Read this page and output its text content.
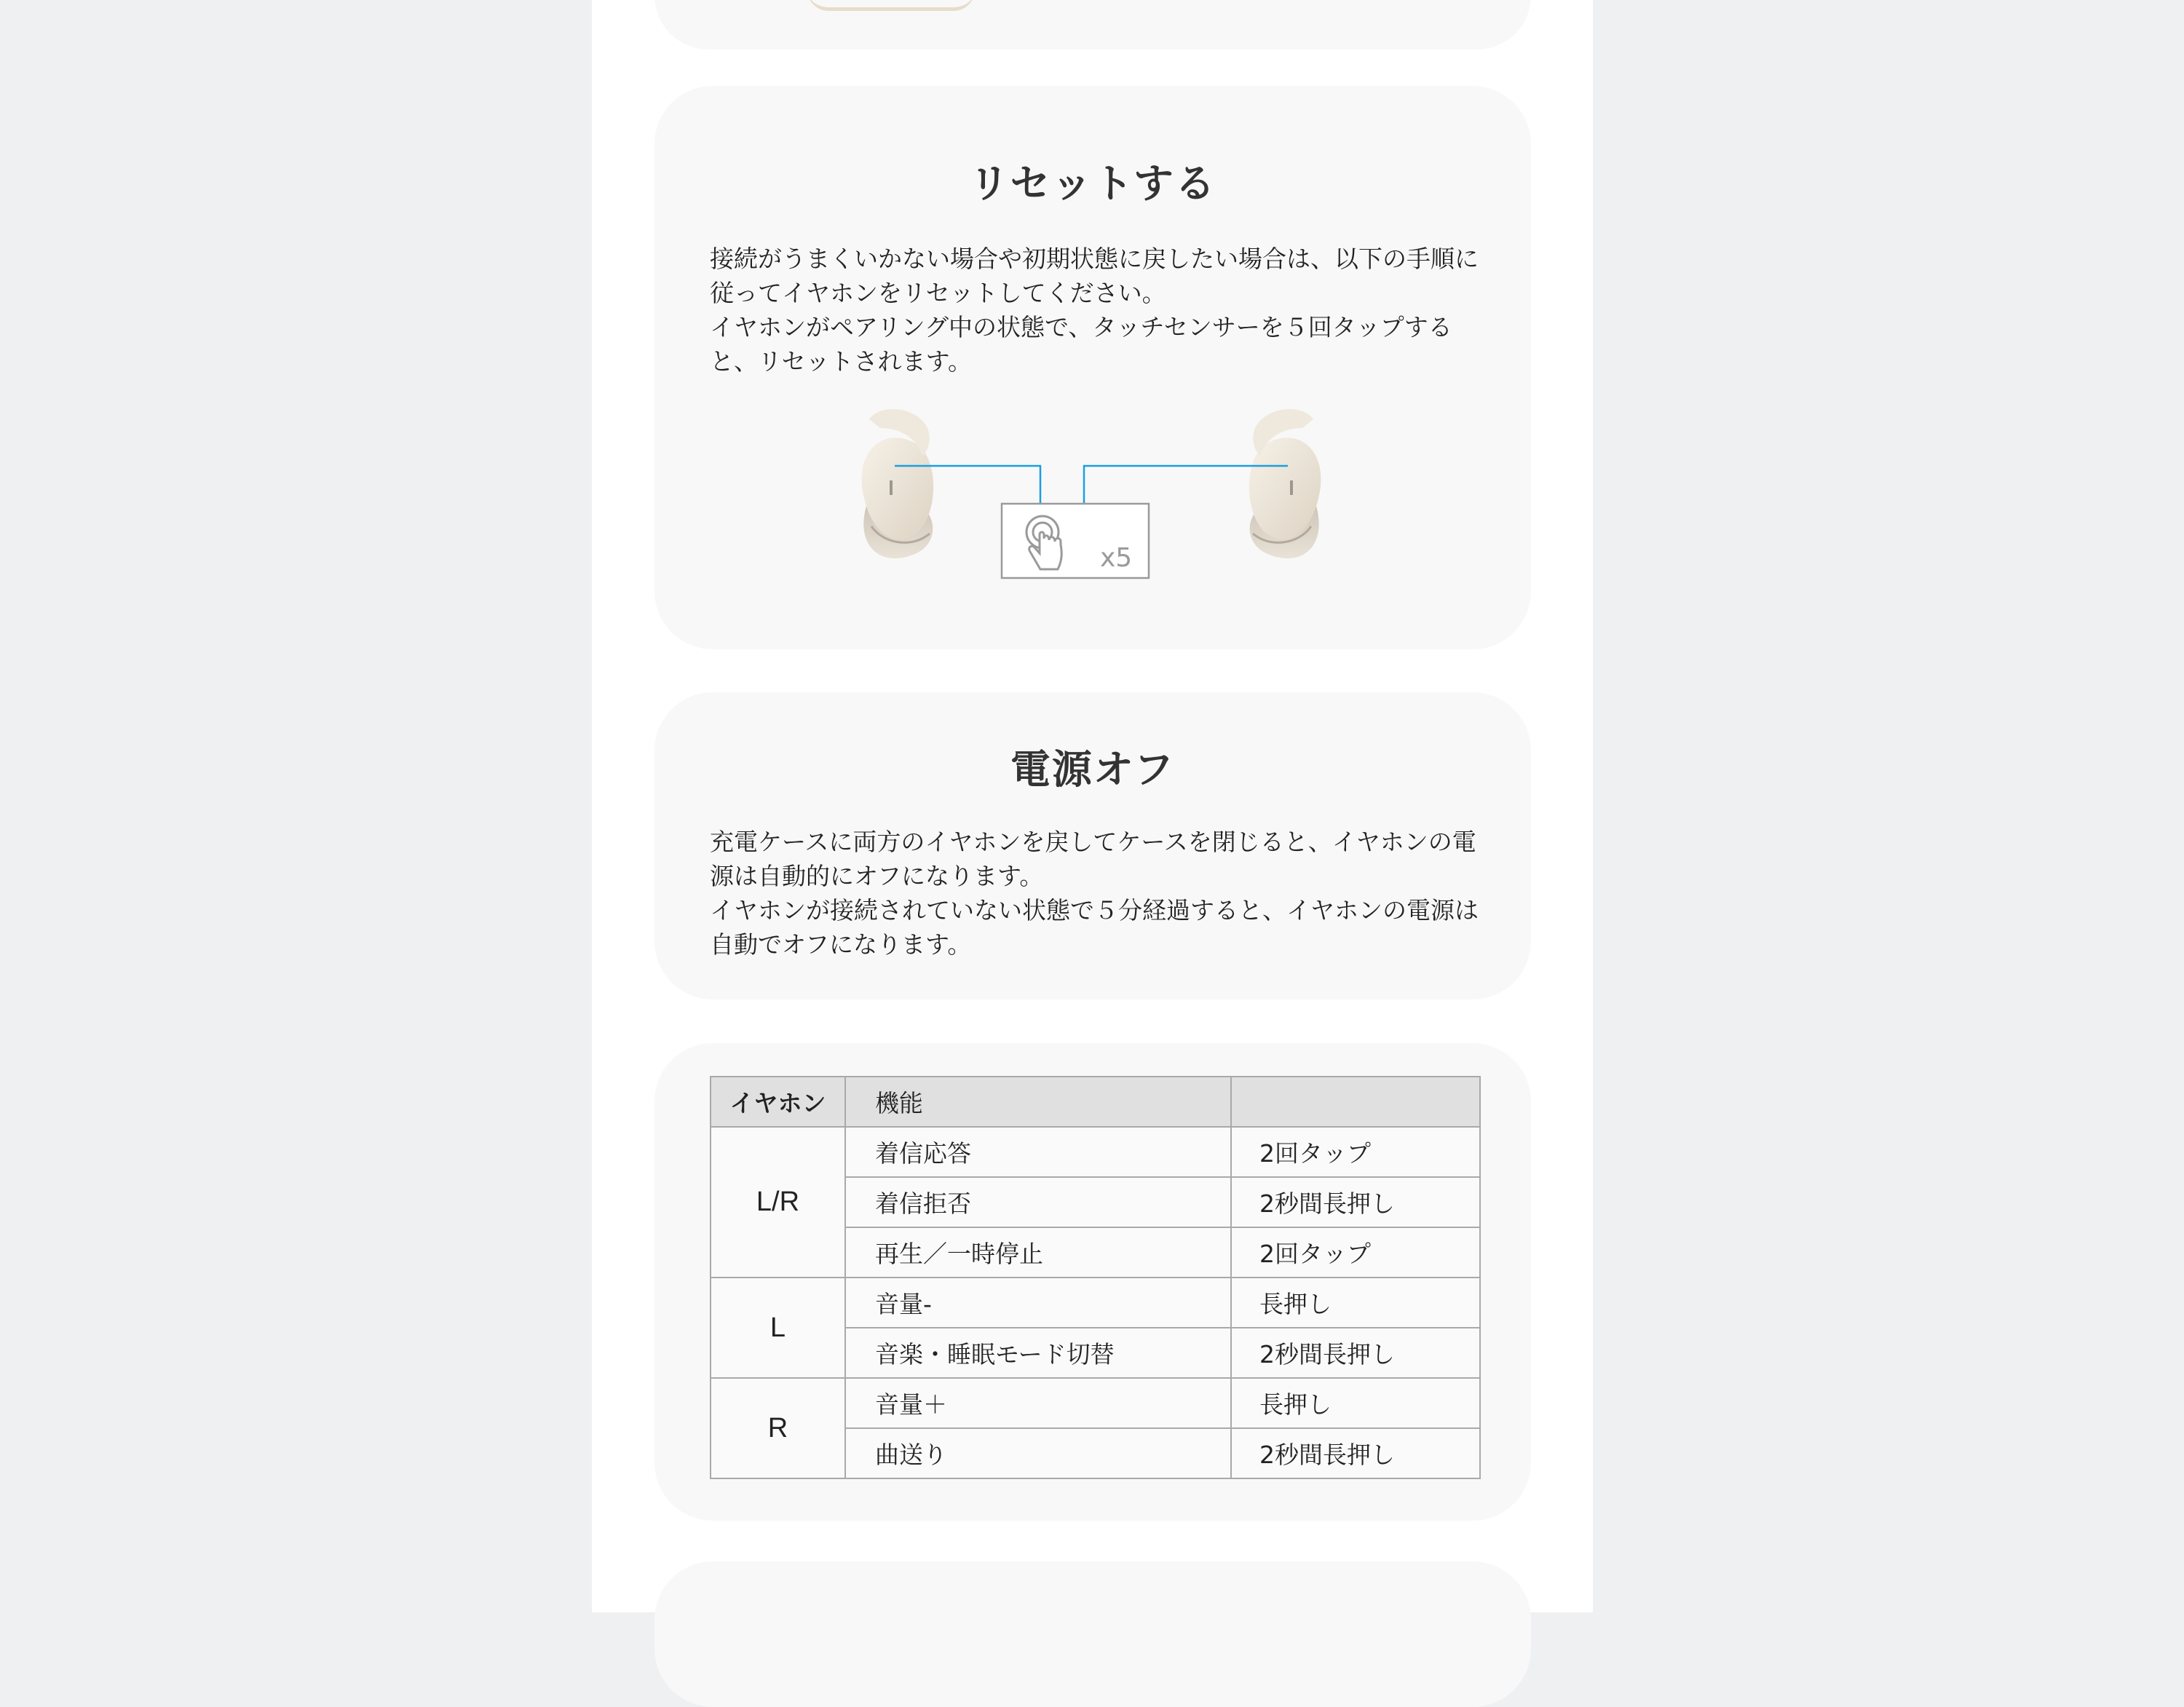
リセットする

接続がうまくいかない場合や初期状態に戻したい場合は、以下の手順に従ってイヤホンをリセットしてください。

イヤホンがペアリング中の状態で、タッチセンサーを５回タップすると、リセットされます。

x5
電源オフ

充電ケースに両方のイヤホンを戻してケースを閉じると、イヤホンの電源は自動的にオフになります。

イヤホンが接続されていない状態で５分経過すると、イヤホンの電源は自動でオフになります。

イヤホン	機能	
L/R	着信応答	2回タップ
	着信拒否	2秒間長押し
	再生／一時停止	2回タップ
L	音量-	長押し
	音楽・睡眠モード切替	2秒間長押し
R	音量＋	長押し
	曲送り	2秒間長押し
